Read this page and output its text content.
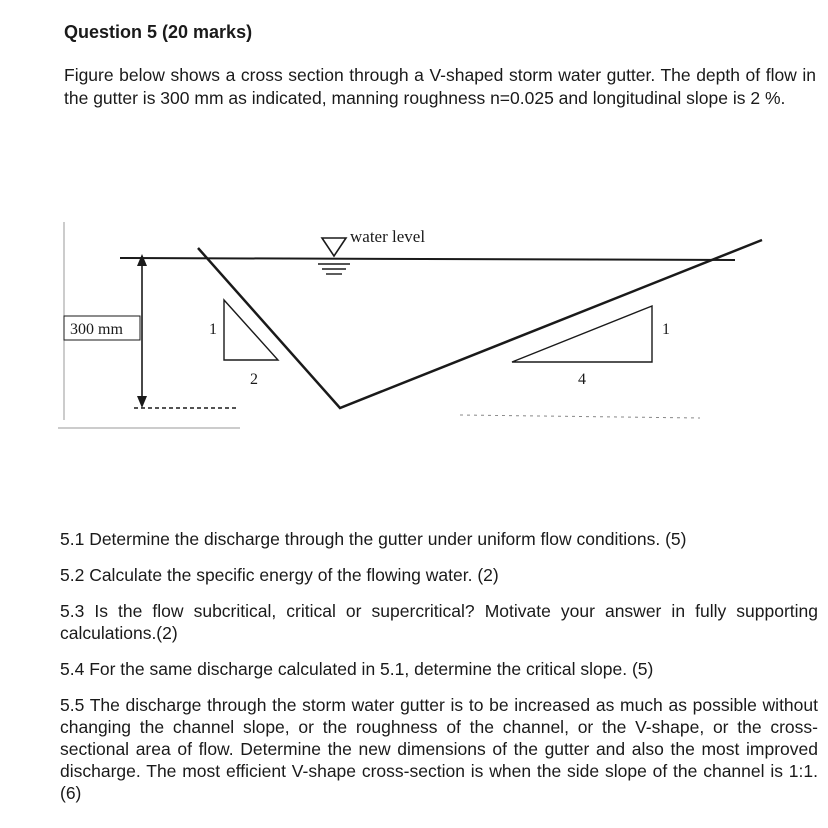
Question 5 (20 marks)
Figure below shows a cross section through a V-shaped storm water gutter. The depth of flow in the gutter is 300 mm as indicated, manning roughness n=0.025 and longitudinal slope is 2 %.
water level
300 mm	1
2
1
4
5.1 Determine the discharge through the gutter under uniform flow conditions. (5)
5.2 Calculate the specific energy of the flowing water. (2)
5.3 Is the flow subcritical, critical or supercritical? Motivate your answer in fully supporting calculations.(2)
5.4 For the same discharge calculated in 5.1, determine the critical slope. (5)
5.5 The discharge through the storm water gutter is to be increased as much as possible without changing the channel slope, or the roughness of the channel, or the V-shape, or the cross-sectional area of flow. Determine the new dimensions of the gutter and also the most improved discharge. The most efficient V-shape cross-section is when the side slope of the channel is 1:1.(6)
